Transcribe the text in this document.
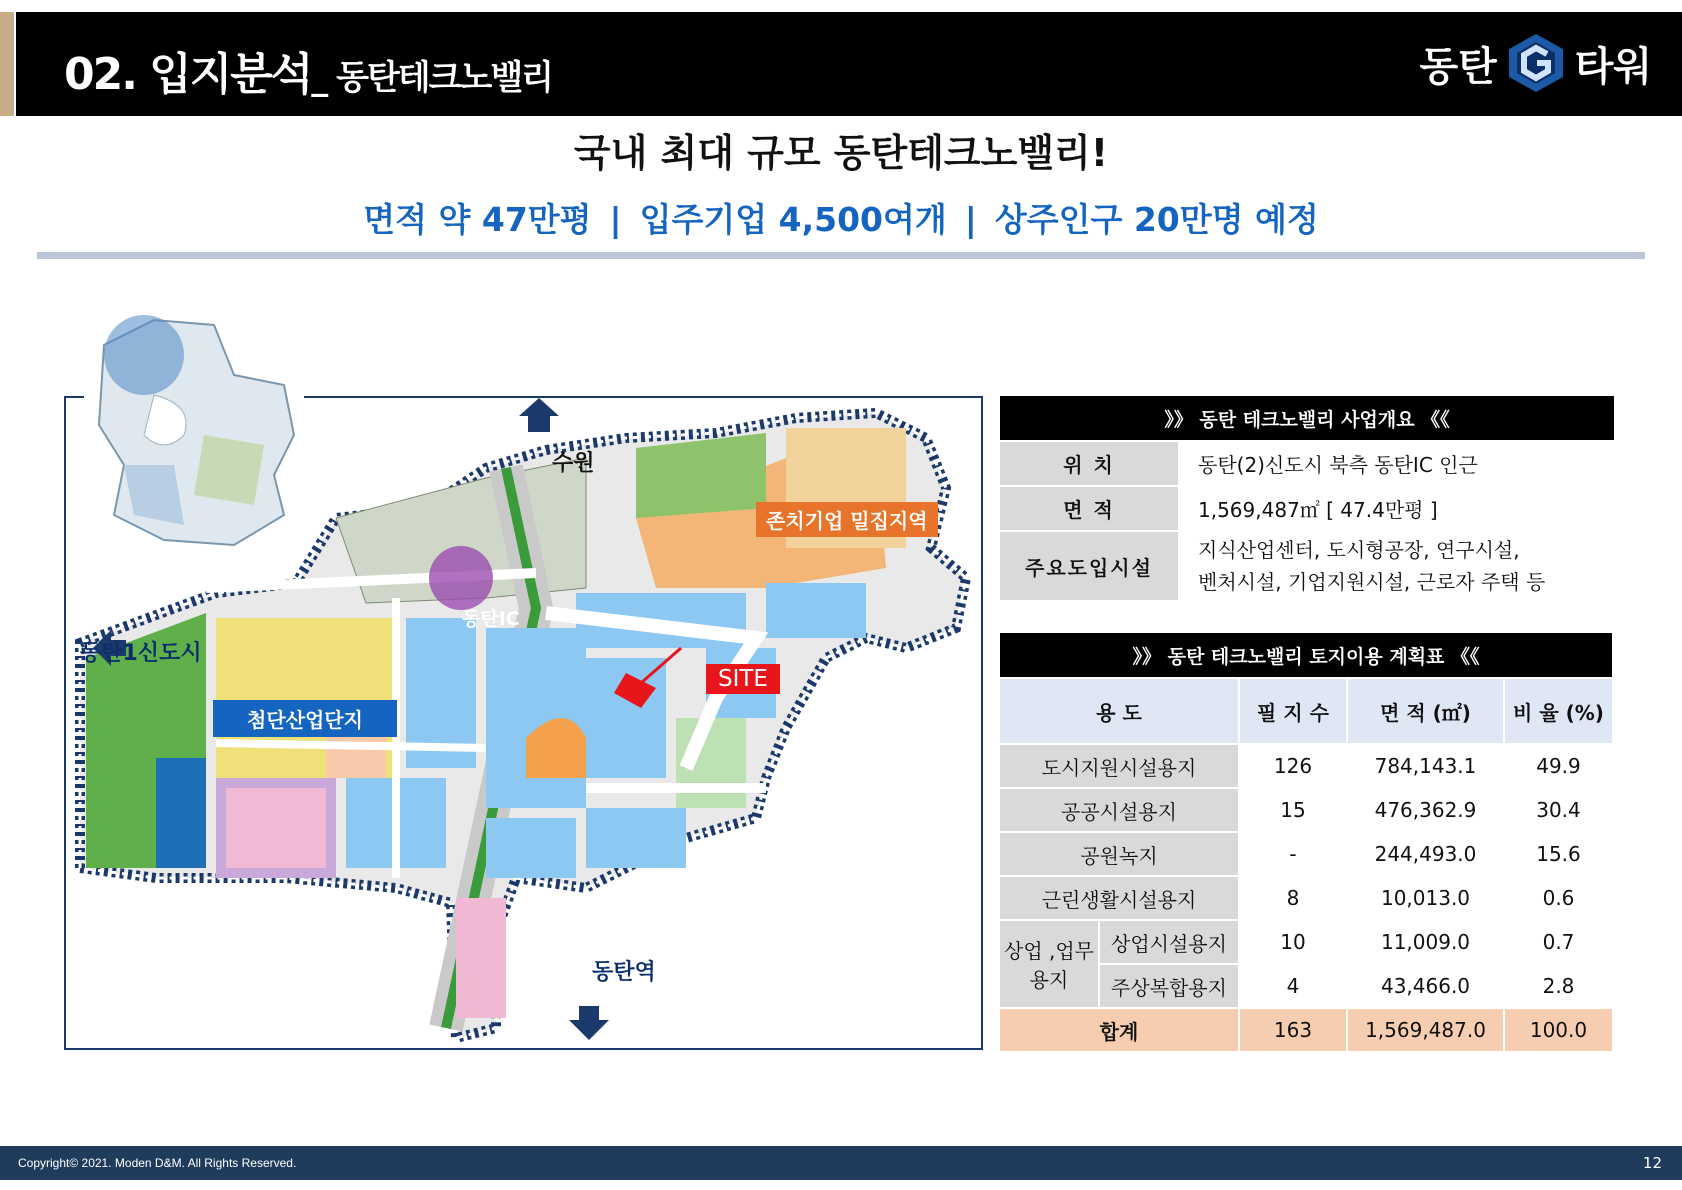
02. 입지분석_ 동탄테크노밸리	동탄 타워
국내 최대 규모 동탄테크노밸리!
면적 약 47만평 | 입주기업 4,500여개 | 상주인구 20만명 예정
수원
동탄1신도시
동탄역
동탄IC
SITE
존치기업 밀집지역
첨단산업단지
》》 동탄 테크노밸리 사업개요 《《	
위 치	동탄(2)신도시 북측 동탄IC 인근
면 적	1,569,487㎡ [ 47.4만평 ]
주요도입시설	지식산업센터, 도시형공장, 연구시설,
벤처시설, 기업지원시설, 근로자 주택 등
》》 동탄 테크노밸리 토지이용 계획표 《《				
용 도		필 지 수	면 적 (㎡)	비 율 (%)
도시지원시설용지		126	784,143.1	49.9
공공시설용지		15	476,362.9	30.4
공원녹지		-	244,493.0	15.6
근린생활시설용지		8	10,013.0	0.6
상업 ,업무 용지	상업시설용지	10	11,009.0	0.7
	주상복합용지	4	43,466.0	2.8
합계		163	1,569,487.0	100.0
Copyright© 2021. Moden D&M. All Rights Reserved.	12
